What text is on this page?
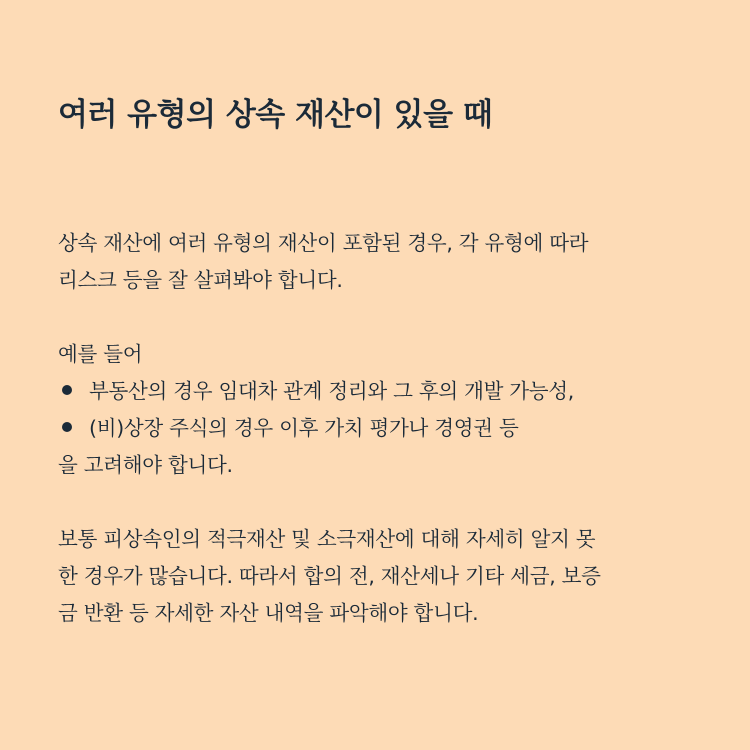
여러 유형의 상속 재산이 있을 때

상속 재산에 여러 유형의 재산이 포함된 경우, 각 유형에 따라
리스크 등을 잘 살펴봐야 합니다.

예를 들어
부동산의 경우 임대차 관계 정리와 그 후의 개발 가능성,
(비)상장 주식의 경우 이후 가치 평가나 경영권 등
을 고려해야 합니다.

보통 피상속인의 적극재산 및 소극재산에 대해 자세히 알지 못
한 경우가 많습니다. 따라서 합의 전, 재산세나 기타 세금, 보증
금 반환 등 자세한 자산 내역을 파악해야 합니다.
